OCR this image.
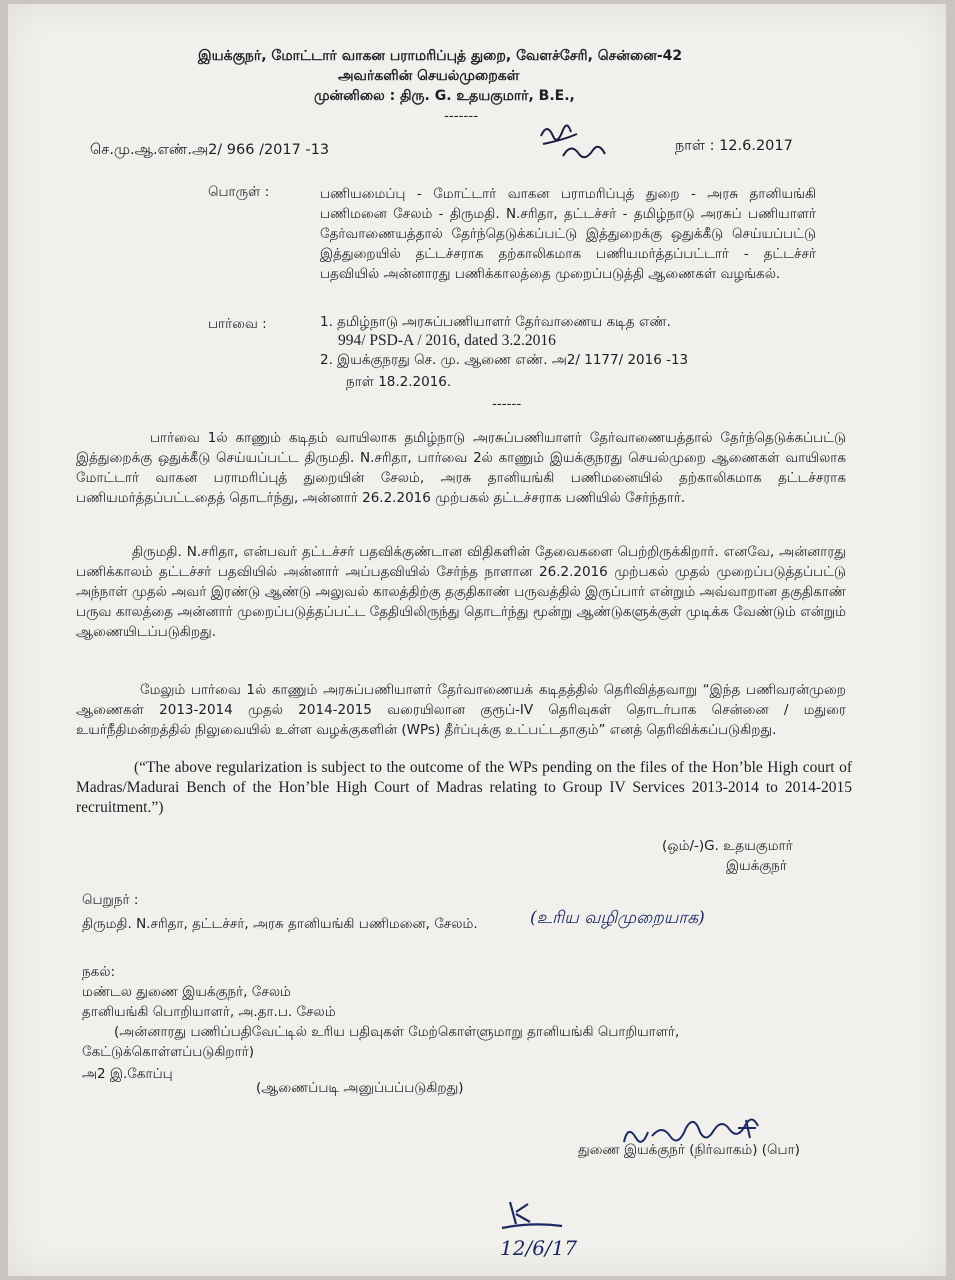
இயக்குநர், மோட்டார் வாகன பராமரிப்புத் துறை, வேளச்சேரி, சென்னை-42
அவர்களின் செயல்முறைகள்
முன்னிலை : திரு. G. உதயகுமார், B.E.,
-------
செ.மு.ஆ.எண்.அ2/ 966 /2017 -13	நாள் : 12.6.2017
பொருள் :	பணியமைப்பு - மோட்டார் வாகன பராமரிப்புத் துறை - அரசு தானியங்கி பணிமனை சேலம் - திருமதி. N.சரிதா, தட்டச்சர் - தமிழ்நாடு அரசுப் பணியாளர் தேர்வாணையத்தால் தேர்ந்தெடுக்கப்பட்டு இத்துறைக்கு ஒதுக்கீடு செய்யப்பட்டு இத்துறையில் தட்டச்சராக தற்காலிகமாக பணியமர்த்தப்பட்டார் - தட்டச்சர் பதவியில் அன்னாரது பணிக்காலத்தை முறைப்படுத்தி ஆணைகள் வழங்கல்.
பார்வை :	1. தமிழ்நாடு அரசுப்பணியாளர் தேர்வாணைய கடித எண்.
994/ PSD-A / 2016, dated 3.2.2016
2. இயக்குநரது செ. மு. ஆணை எண். அ2/ 1177/ 2016 -13
நாள் 18.2.2016.
------
பார்வை 1ல் காணும் கடிதம் வாயிலாக தமிழ்நாடு அரசுப்பணியாளர் தேர்வாணையத்தால் தேர்ந்தெடுக்கப்பட்டு இத்துறைக்கு ஒதுக்கீடு செய்யப்பட்ட திருமதி. N.சரிதா, பார்வை 2ல் காணும் இயக்குநரது செயல்முறை ஆணைகள் வாயிலாக மோட்டார் வாகன பராமரிப்புத் துறையின் சேலம், அரசு தானியங்கி பணிமனையில் தற்காலிகமாக தட்டச்சராக பணியமர்த்தப்பட்டதைத் தொடர்ந்து, அன்னார் 26.2.2016 முற்பகல் தட்டச்சராக பணியில் சேர்ந்தார்.
திருமதி. N.சரிதா, என்பவர் தட்டச்சர் பதவிக்குண்டான விதிகளின் தேவைகளை பெற்றிருக்கிறார். எனவே, அன்னாரது பணிக்காலம் தட்டச்சர் பதவியில் அன்னார் அப்பதவியில் சேர்ந்த நாளான 26.2.2016 முற்பகல் முதல் முறைப்படுத்தப்பட்டு அந்நாள் முதல் அவர் இரண்டு ஆண்டு அலுவல் காலத்திற்கு தகுதிகாண் பருவத்தில் இருப்பார் என்றும் அவ்வாறான தகுதிகாண் பருவ காலத்தை அன்னார் முறைப்படுத்தப்பட்ட தேதியிலிருந்து தொடர்ந்து மூன்று ஆண்டுகளுக்குள் முடிக்க வேண்டும் என்றும் ஆணையிடப்படுகிறது.
மேலும் பார்வை 1ல் காணும் அரசுப்பணியாளர் தேர்வாணையக் கடிதத்தில் தெரிவித்தவாறு “இந்த பணிவரன்முறை ஆணைகள் 2013-2014 முதல் 2014-2015 வரையிலான குரூப்-IV தெரிவுகள் தொடர்பாக சென்னை / மதுரை உயர்நீதிமன்றத்தில் நிலுவையில் உள்ள வழக்குகளின் (WPs) தீர்ப்புக்கு உட்பட்டதாகும்” எனத் தெரிவிக்கப்படுகிறது.
(“The above regularization is subject to the outcome of the WPs pending on the files of the Hon’ble High court of Madras/Madurai Bench of the Hon’ble High Court of Madras relating to Group IV Services 2013-2014 to 2014-2015 recruitment.”)
(ஒம்/-)G. உதயகுமார்
இயக்குநர்
பெறுநர் :
திருமதி. N.சரிதா, தட்டச்சர், அரசு தானியங்கி பணிமனை, சேலம்.	(உரிய வழிமுறையாக)
நகல்:
மண்டல துணை இயக்குநர், சேலம்
தானியங்கி பொறியாளர், அ.தா.ப. சேலம்
(அன்னாரது பணிப்பதிவேட்டில் உரிய பதிவுகள் மேற்கொள்ளுமாறு தானியங்கி பொறியாளர்,
கேட்டுக்கொள்ளப்படுகிறார்)
அ2 இ.கோப்பு
(ஆணைப்படி அனுப்பப்படுகிறது)
துணை இயக்குநர் (நிர்வாகம்) (பொ)
12/6/17
